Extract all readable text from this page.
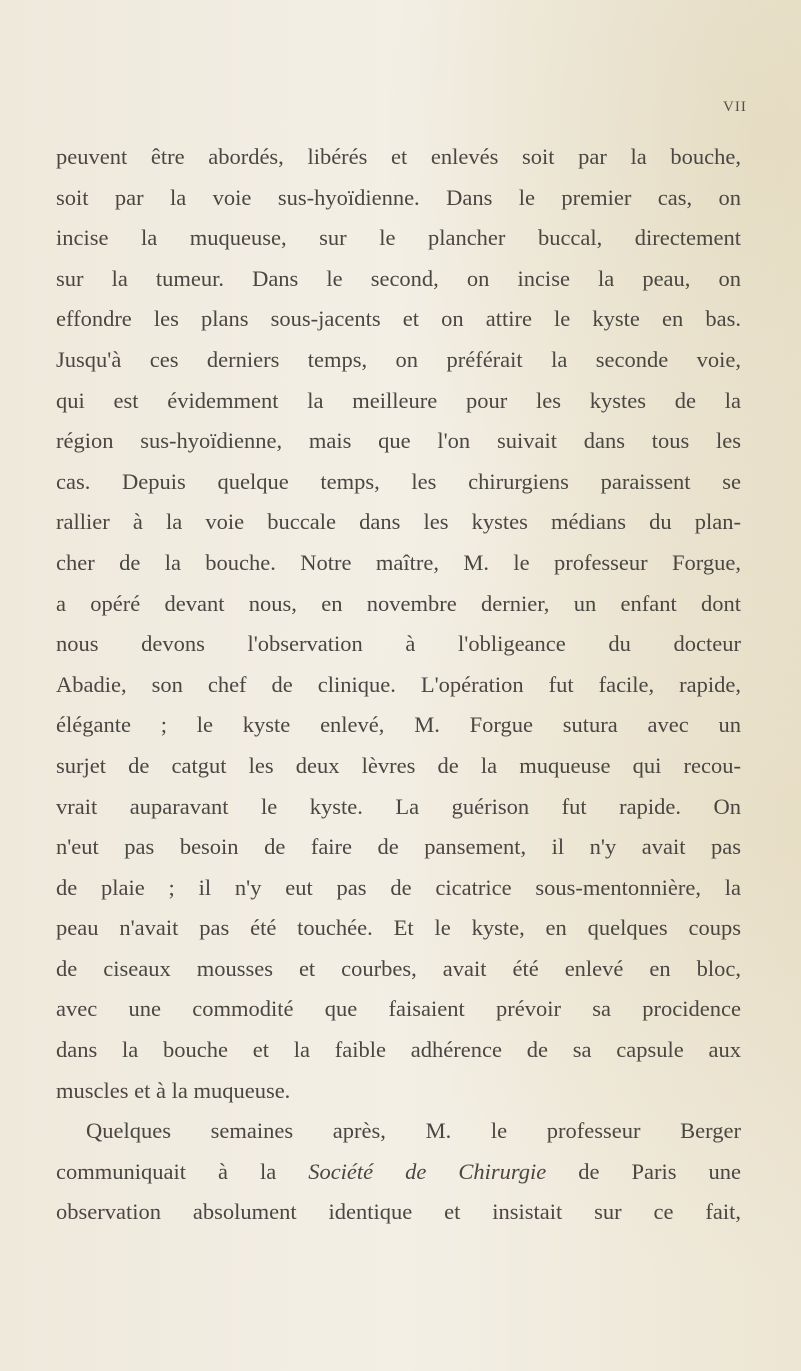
VII
peuvent être abordés, libérés et enlevés soit par la bouche,
soit par la voie sus-hyoïdienne. Dans le premier cas, on
incise la muqueuse, sur le plancher buccal, directement
sur la tumeur. Dans le second, on incise la peau, on
effondre les plans sous-jacents et on attire le kyste en bas.
Jusqu'à ces derniers temps, on préférait la seconde voie,
qui est évidemment la meilleure pour les kystes de la
région sus-hyoïdienne, mais que l'on suivait dans tous les
cas. Depuis quelque temps, les chirurgiens paraissent se
rallier à la voie buccale dans les kystes médians du plan-
cher de la bouche. Notre maître, M. le professeur Forgue,
a opéré devant nous, en novembre dernier, un enfant dont
nous devons l'observation à l'obligeance du docteur
Abadie, son chef de clinique. L'opération fut facile, rapide,
élégante ; le kyste enlevé, M. Forgue sutura avec un
surjet de catgut les deux lèvres de la muqueuse qui recou-
vrait auparavant le kyste. La guérison fut rapide. On
n'eut pas besoin de faire de pansement, il n'y avait pas
de plaie ; il n'y eut pas de cicatrice sous-mentonnière, la
peau n'avait pas été touchée. Et le kyste, en quelques coups
de ciseaux mousses et courbes, avait été enlevé en bloc,
avec une commodité que faisaient prévoir sa procidence
dans la bouche et la faible adhérence de sa capsule aux
muscles et à la muqueuse.
Quelques semaines après, M. le professeur Berger
communiquait à la Société de Chirurgie de Paris une
observation absolument identique et insistait sur ce fait,
